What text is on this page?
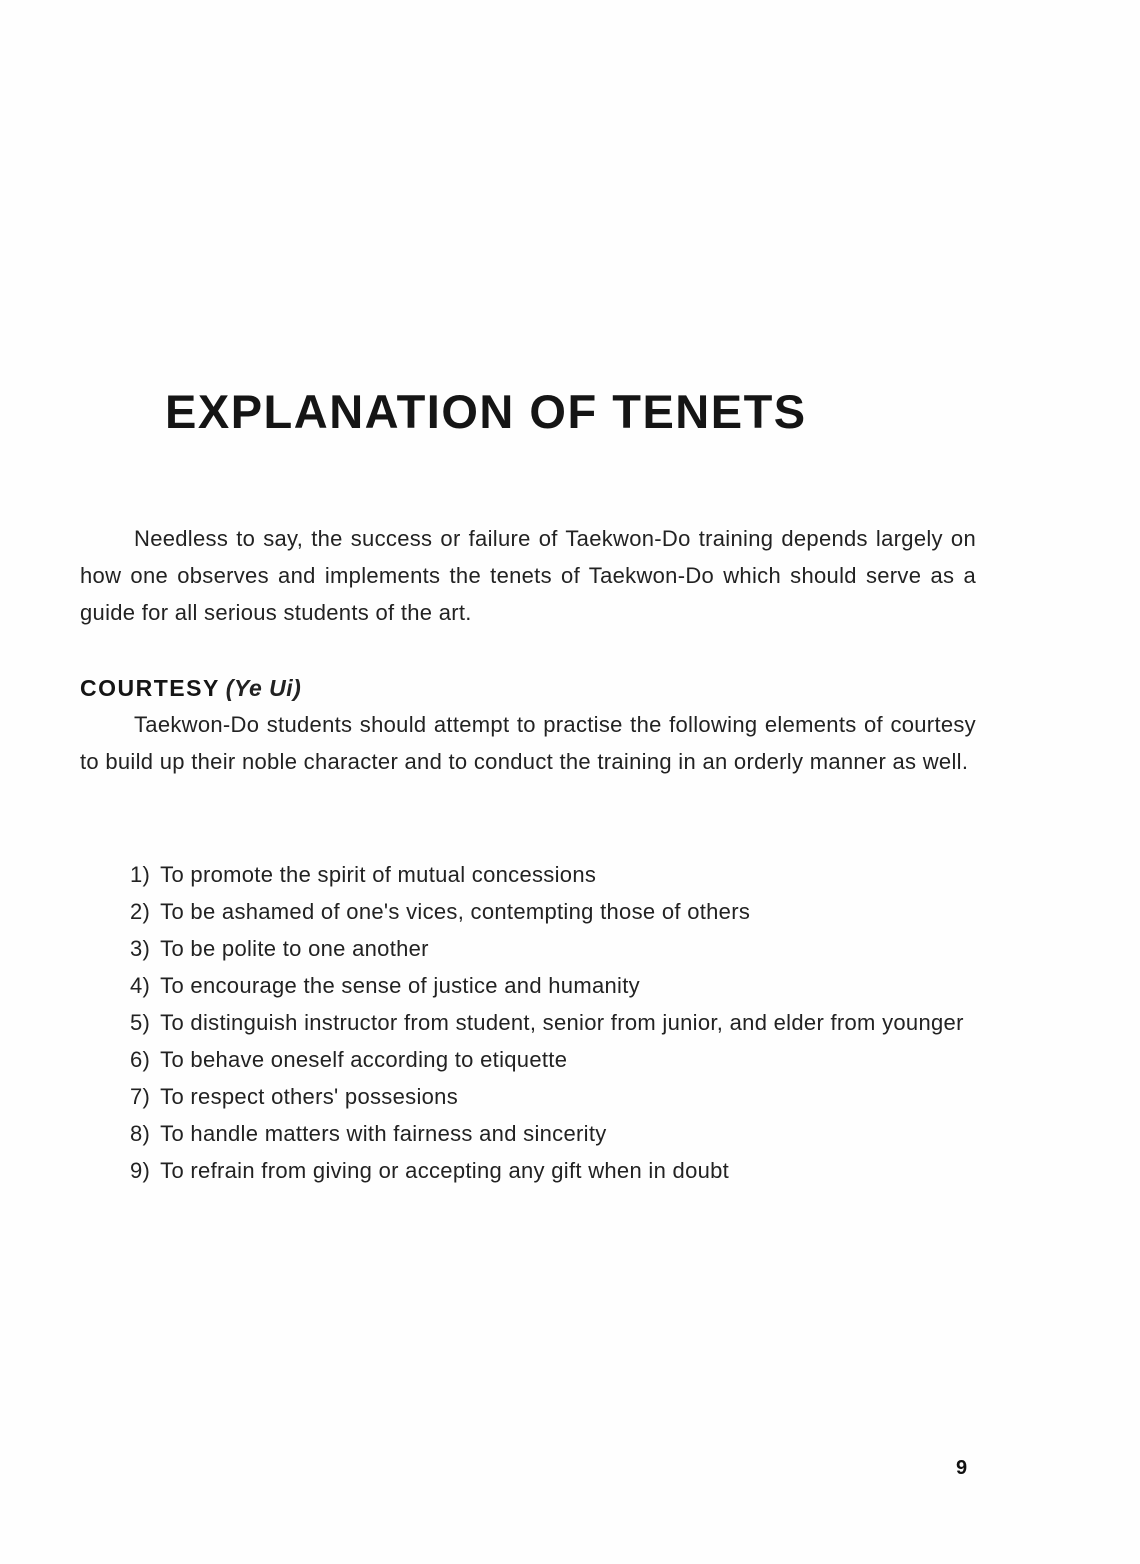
EXPLANATION OF TENETS

Needless to say, the success or failure of Taekwon-Do training depends largely on how one observes and implements the tenets of Taekwon-Do which should serve as a guide for all serious students of the art.

COURTESY (Ye Ui)

Taekwon-Do students should attempt to practise the following elements of courtesy to build up their noble character and to conduct the training in an orderly manner as well.

1) To promote the spirit of mutual concessions
2) To be ashamed of one's vices, contempting those of others
3) To be polite to one another
4) To encourage the sense of justice and humanity
5) To distinguish instructor from student, senior from junior, and elder from younger
6) To behave oneself according to etiquette
7) To respect others' possesions
8) To handle matters with fairness and sincerity
9) To refrain from giving or accepting any gift when in doubt

9
